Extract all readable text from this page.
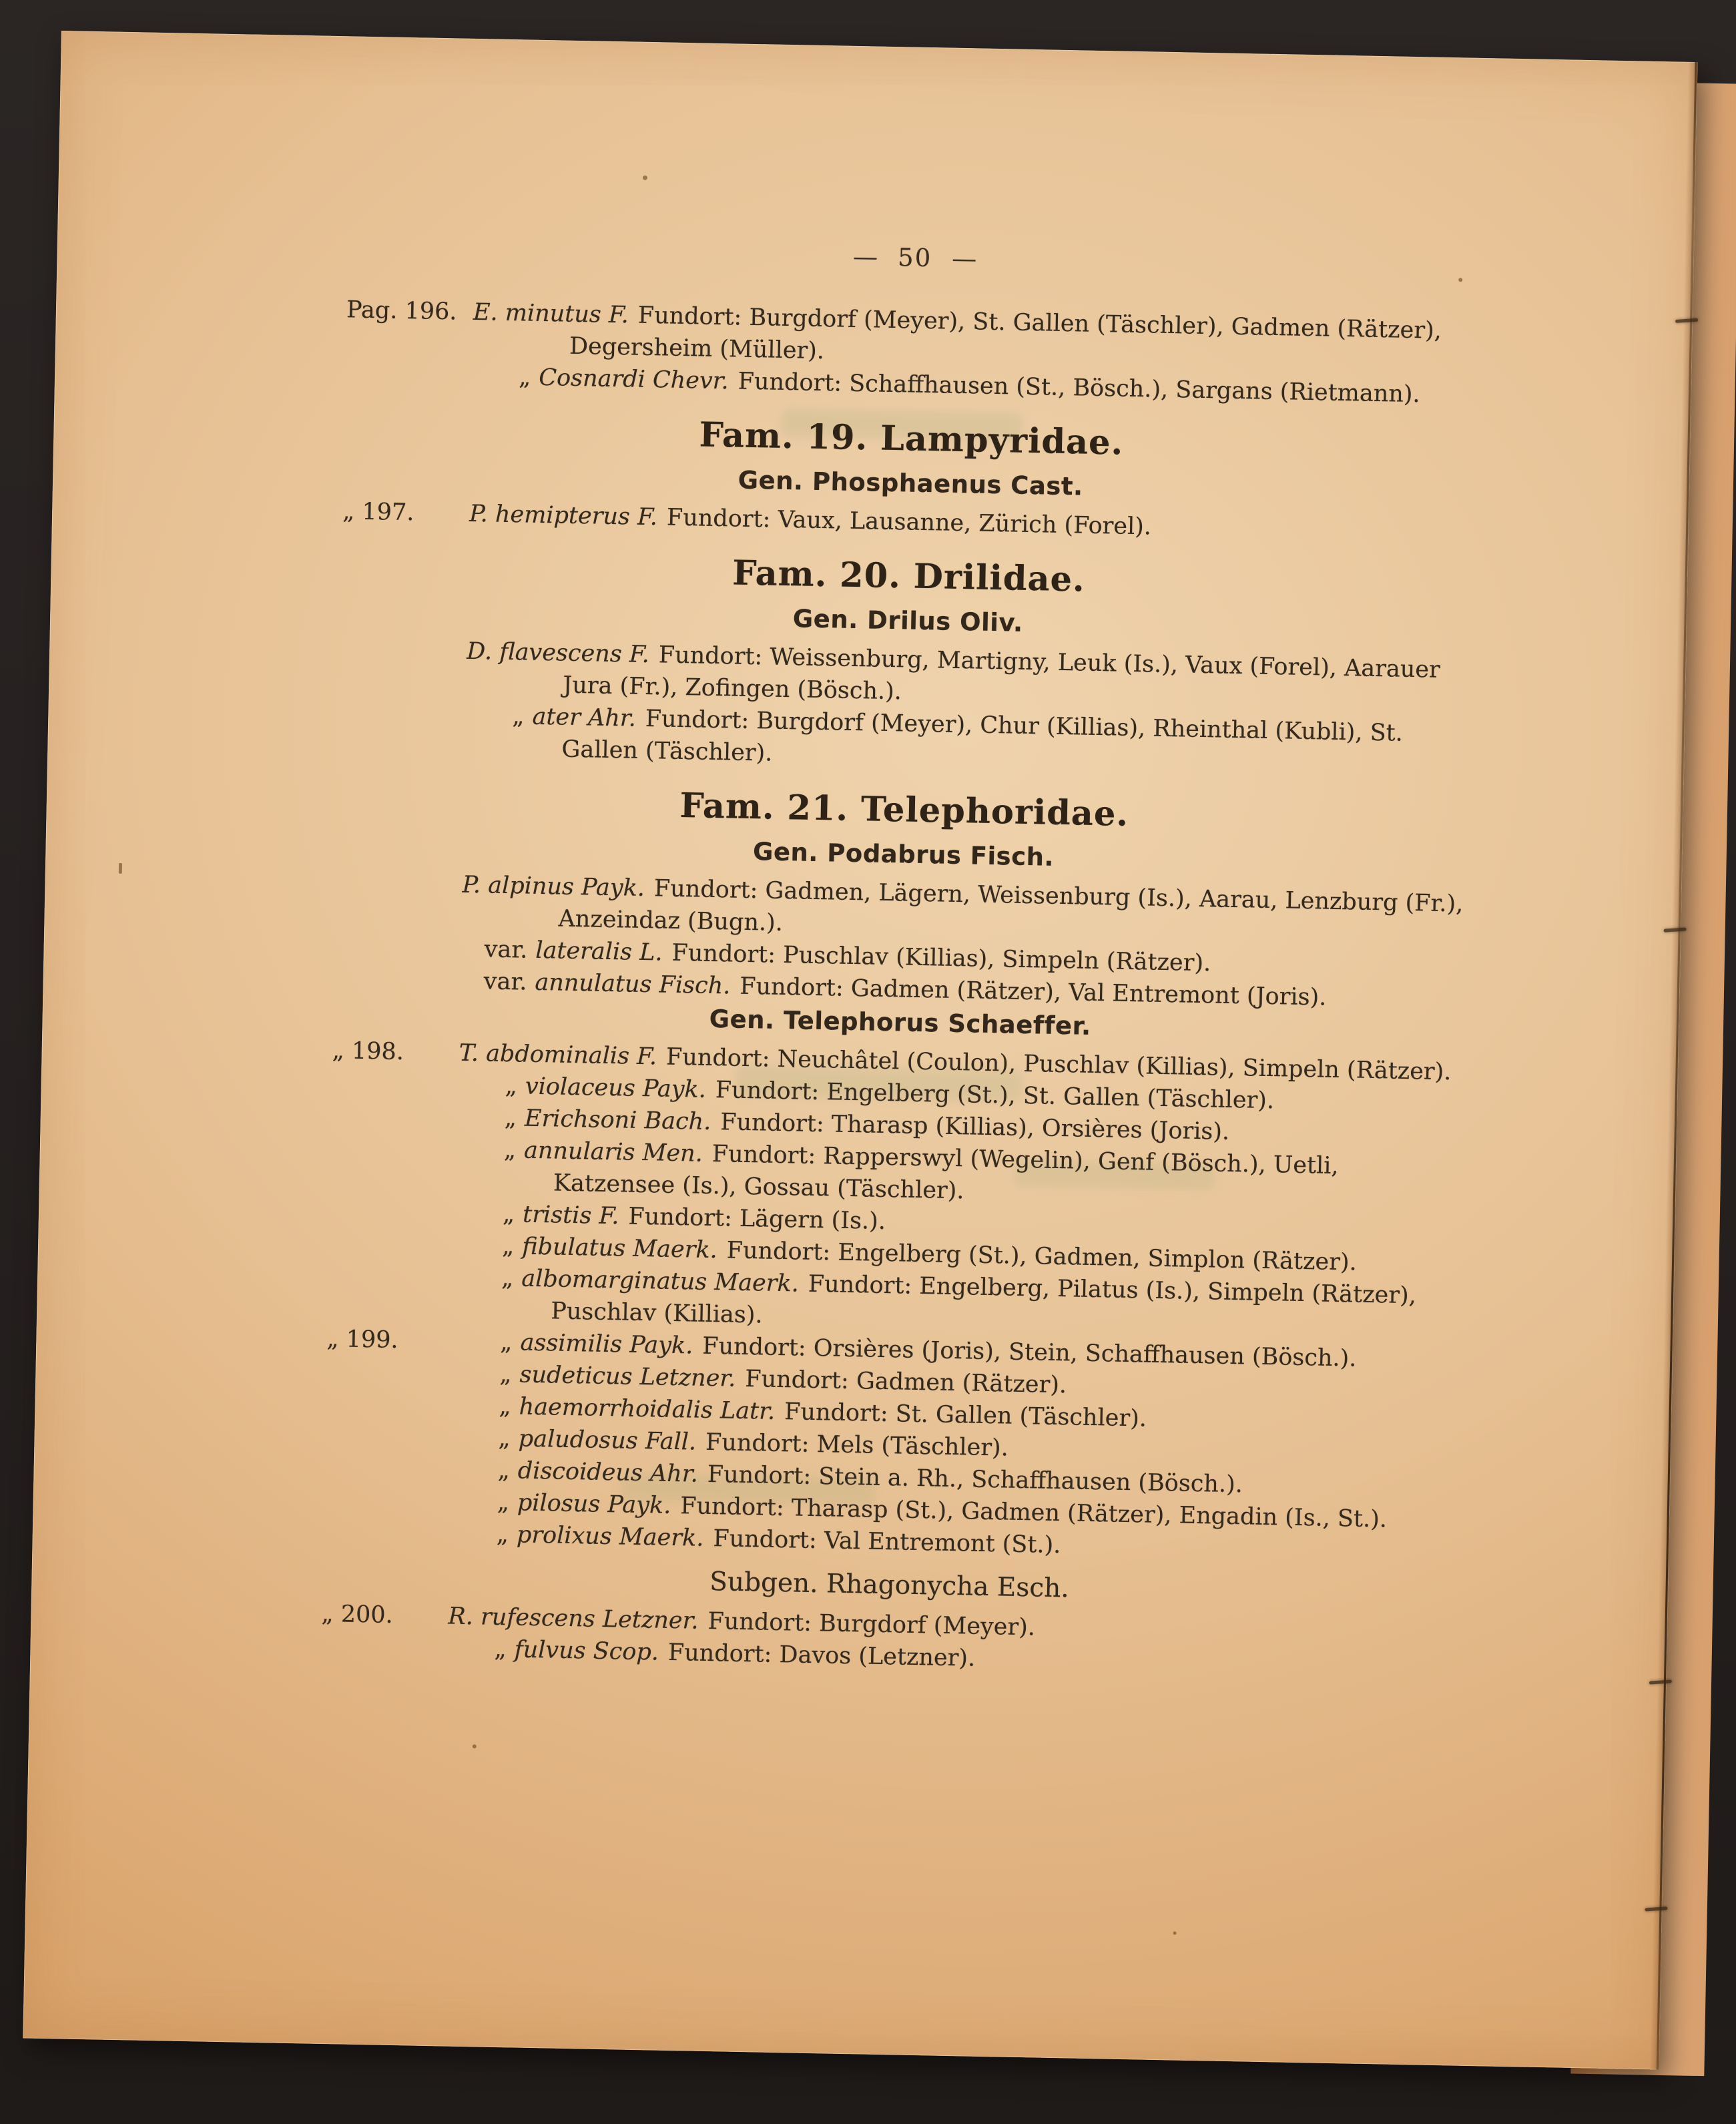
— 50 —
Pag. 196. E. minutus F. Fundort: Burgdorf (Meyer), St. Gallen (Täschler), Gadmen (Rätzer), Degersheim (Müller).
„ Cosnardi Chevr. Fundort: Schaffhausen (St., Bösch.), Sargans (Rietmann).
Fam. 19. Lampyridae.
Gen. Phosphaenus Cast.
„ 197.	P. hemipterus F. Fundort: Vaux, Lausanne, Zürich (Forel).
Fam. 20. Drilidae.
Gen. Drilus Oliv.
D. flavescens F. Fundort: Weissenburg, Martigny, Leuk (Is.), Vaux (Forel), Aarauer Jura (Fr.), Zofingen (Bösch.).
„ ater Ahr. Fundort: Burgdorf (Meyer), Chur (Killias), Rheinthal (Kubli), St. Gallen (Täschler).
Fam. 21. Telephoridae.
Gen. Podabrus Fisch.
P. alpinus Payk. Fundort: Gadmen, Lägern, Weissenburg (Is.), Aarau, Lenzburg (Fr.), Anzeindaz (Bugn.).
var. lateralis L. Fundort: Puschlav (Killias), Simpeln (Rätzer).
var. annulatus Fisch. Fundort: Gadmen (Rätzer), Val Entremont (Joris).
Gen. Telephorus Schaeffer.
„ 198.	T. abdominalis F. Fundort: Neuchâtel (Coulon), Puschlav (Killias), Simpeln (Rätzer).
„ violaceus Payk. Fundort: Engelberg (St.), St. Gallen (Täschler).
„ Erichsoni Bach. Fundort: Tharasp (Killias), Orsières (Joris).
„ annularis Men. Fundort: Rapperswyl (Wegelin), Genf (Bösch.), Uetli, Katzensee (Is.), Gossau (Täschler).
„ tristis F. Fundort: Lägern (Is.).
„ fibulatus Maerk. Fundort: Engelberg (St.), Gadmen, Simplon (Rätzer).
„ albomarginatus Maerk. Fundort: Engelberg, Pilatus (Is.), Simpeln (Rätzer), Puschlav (Killias).
„ 199.	„ assimilis Payk. Fundort: Orsières (Joris), Stein, Schaffhausen (Bösch.).
„ sudeticus Letzner. Fundort: Gadmen (Rätzer).
„ haemorrhoidalis Latr. Fundort: St. Gallen (Täschler).
„ paludosus Fall. Fundort: Mels (Täschler).
„ discoideus Ahr. Fundort: Stein a. Rh., Schaffhausen (Bösch.).
„ pilosus Payk. Fundort: Tharasp (St.), Gadmen (Rätzer), Engadin (Is., St.).
„ prolixus Maerk. Fundort: Val Entremont (St.).
Subgen. Rhagonycha Esch.
„ 200.	R. rufescens Letzner. Fundort: Burgdorf (Meyer).
„ fulvus Scop. Fundort: Davos (Letzner).
